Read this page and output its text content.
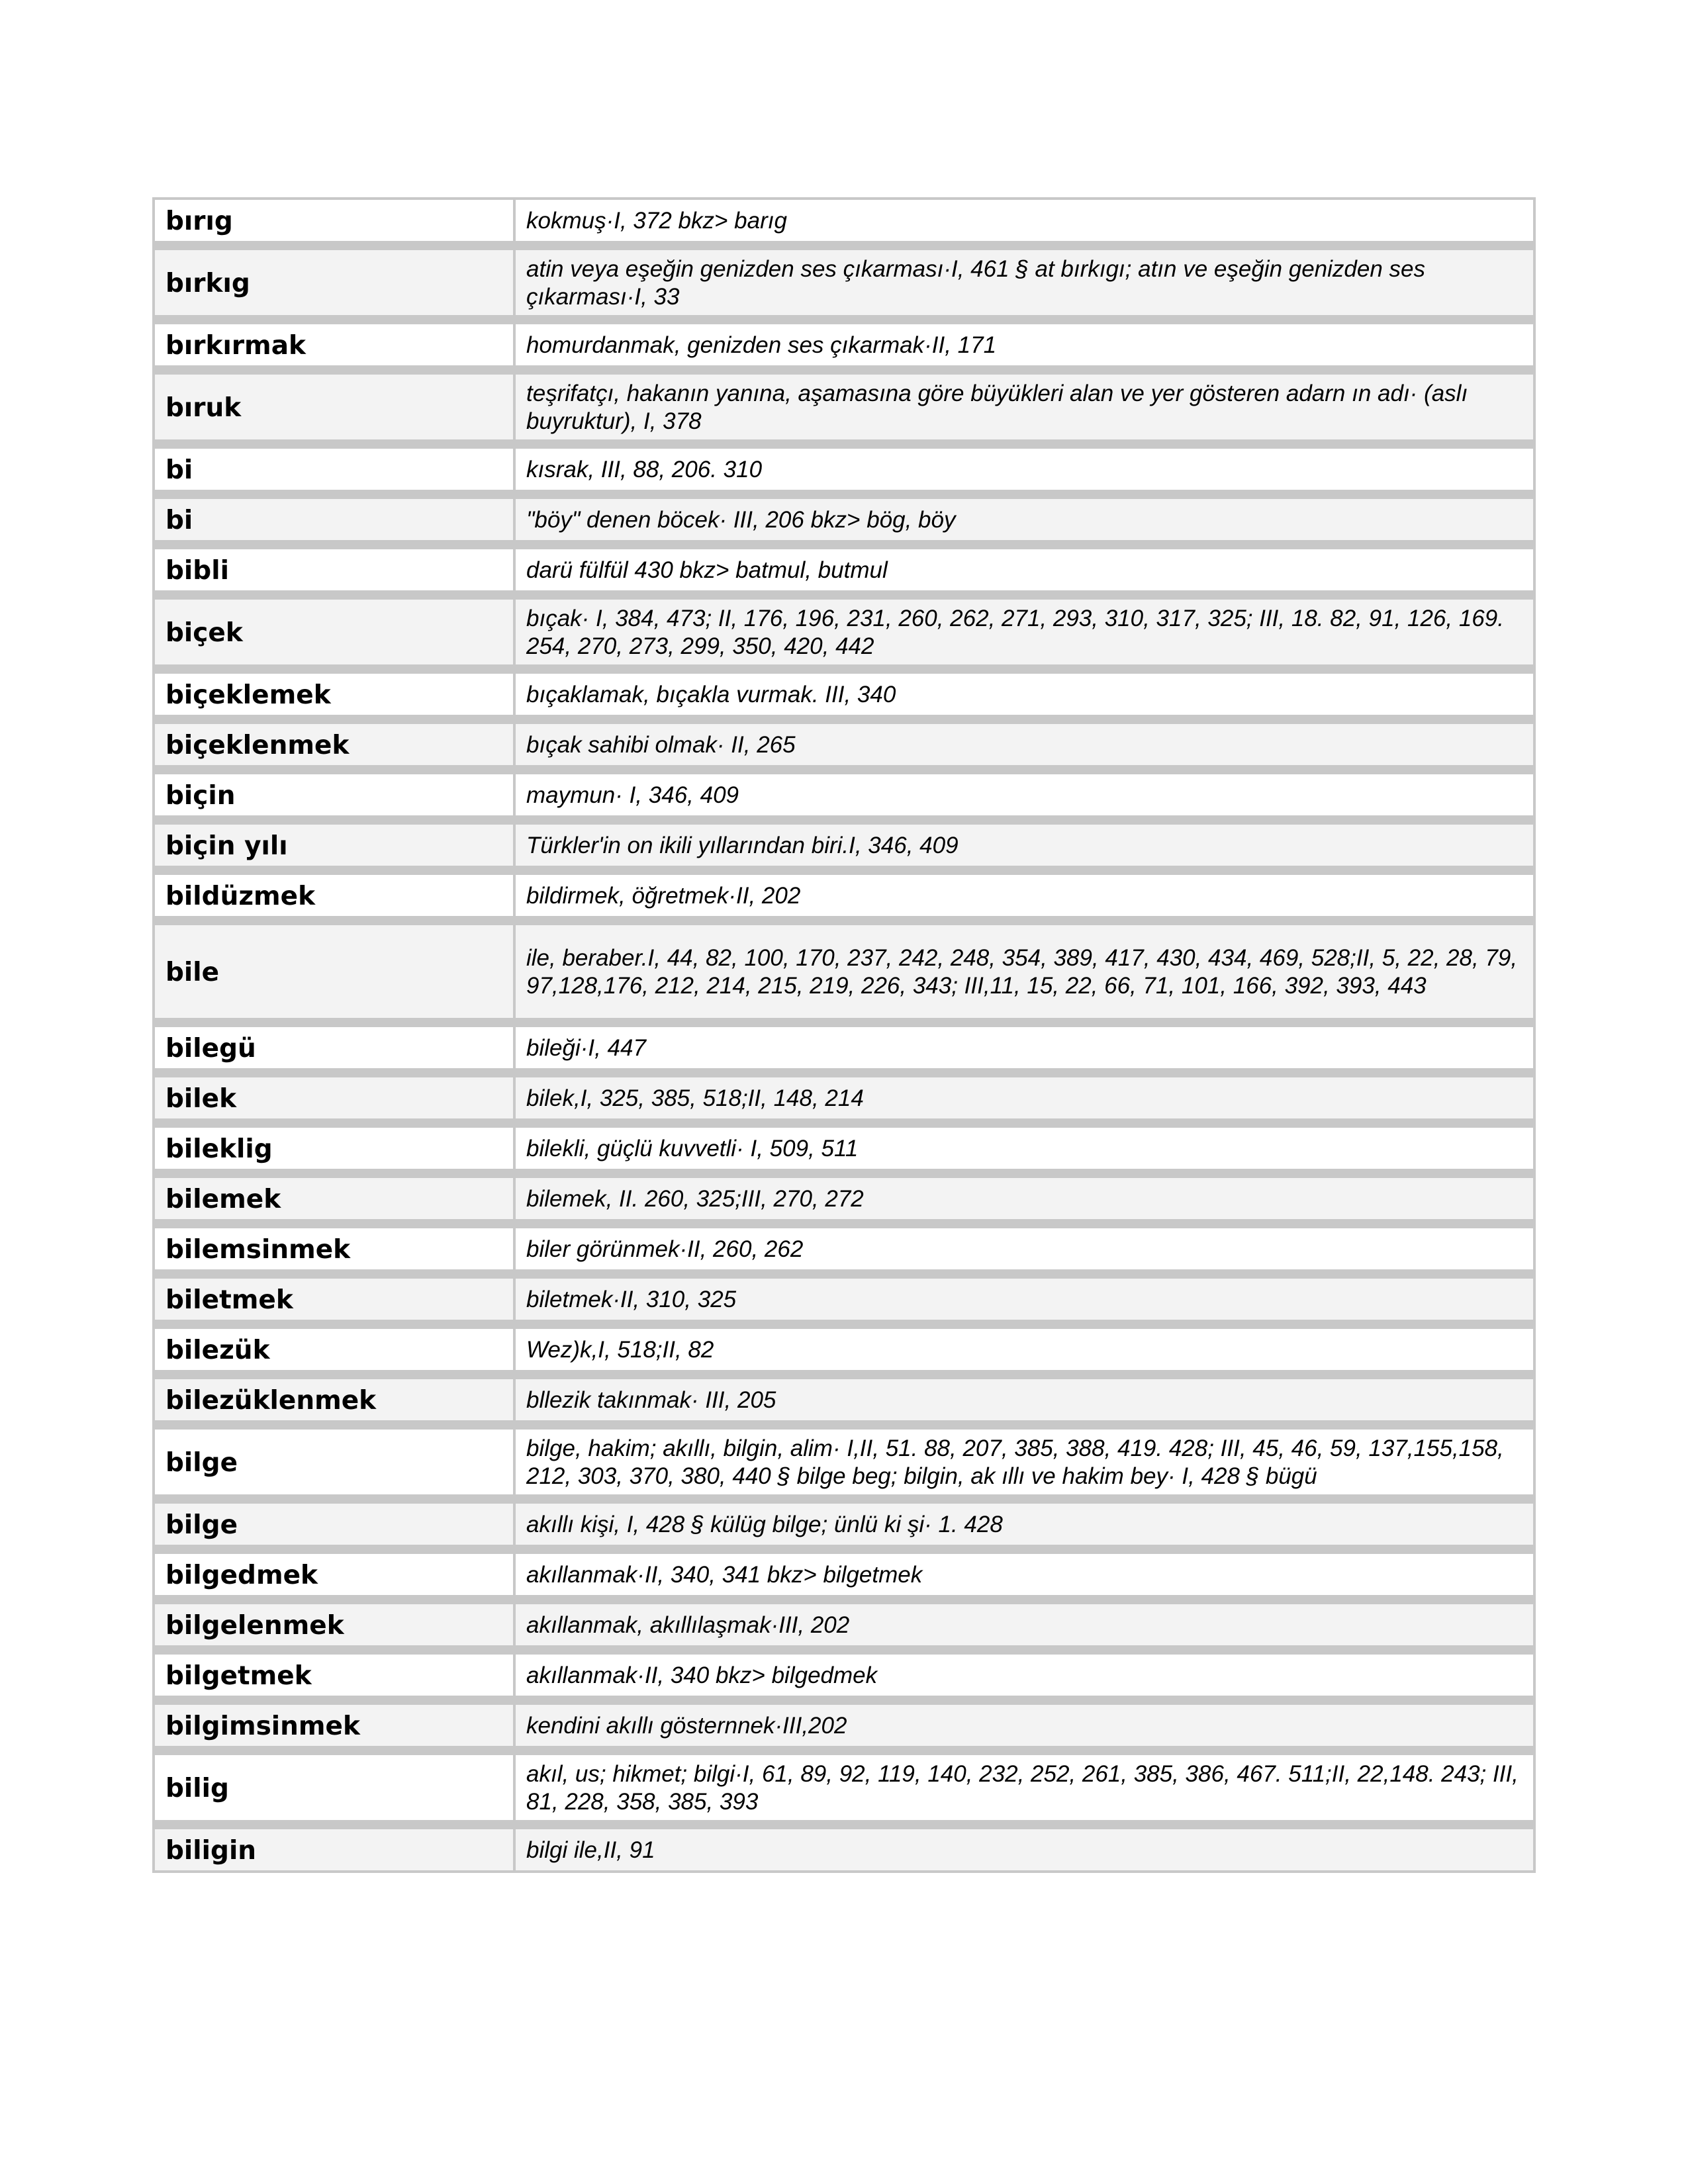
bırıg	kokmuş·I, 372 bkz> barıg
bırkıg	atin veya eşeğin genizden ses çıkarması·I, 461 § at bırkıgı; atın ve eşeğin genizden ses çıkarması·I, 33
bırkırmak	homurdanmak, genizden ses çıkarmak·II, 171
bıruk	teşrifatçı, hakanın yanına, aşamasına göre büyükleri alan ve yer gösteren adarn ın adı· (aslı buyruktur), I, 378
bi	kısrak, III, 88, 206. 310
bi	"böy" denen böcek· III, 206 bkz> bög, böy
bibli	darü fülfül 430 bkz> batmul, butmul
biçek	bıçak· I, 384, 473; II, 176, 196, 231, 260, 262, 271, 293, 310, 317, 325; III, 18. 82, 91, 126, 169. 254, 270, 273, 299, 350, 420, 442
biçeklemek	bıçaklamak, bıçakla vurmak. III, 340
biçeklenmek	bıçak sahibi olmak· II, 265
biçin	maymun· I, 346, 409
biçin yılı	Türkler'in on ikili yıllarından biri.I, 346, 409
bildüzmek	bildirmek, öğretmek·II, 202
bile	ile, beraber.I, 44, 82, 100, 170, 237, 242, 248, 354, 389, 417, 430, 434, 469, 528;II, 5, 22, 28, 79, 97,128,176, 212, 214, 215, 219, 226, 343; III,11, 15, 22, 66, 71, 101, 166, 392, 393, 443
bilegü	bileği·I, 447
bilek	bilek,I, 325, 385, 518;II, 148, 214
bileklig	bilekli, güçlü kuvvetli· I, 509, 511
bilemek	bilemek, II. 260, 325;III, 270, 272
bilemsinmek	biler görünmek·II, 260, 262
biletmek	biletmek·II, 310, 325
bilezük	Wez)k,I, 518;II, 82
bilezüklenmek	bllezik takınmak· III, 205
bilge	bilge, hakim; akıllı, bilgin, alim· I,II, 51. 88, 207, 385, 388, 419. 428; III, 45, 46, 59, 137,155,158, 212, 303, 370, 380, 440 § bilge beg; bilgin, ak ıllı ve hakim bey· I, 428 § bügü
bilge	akıllı kişi, I, 428 § külüg bilge; ünlü ki şi· 1. 428
bilgedmek	akıllanmak·II, 340, 341 bkz> bilgetmek
bilgelenmek	akıllanmak, akıllılaşmak·III, 202
bilgetmek	akıllanmak·II, 340 bkz> bilgedmek
bilgimsinmek	kendini akıllı gösternnek·III,202
bilig	akıl, us; hikmet; bilgi·I, 61, 89, 92, 119, 140, 232, 252, 261, 385, 386, 467. 511;II, 22,148. 243; III, 81, 228, 358, 385, 393
biligin	bilgi ile,II, 91
